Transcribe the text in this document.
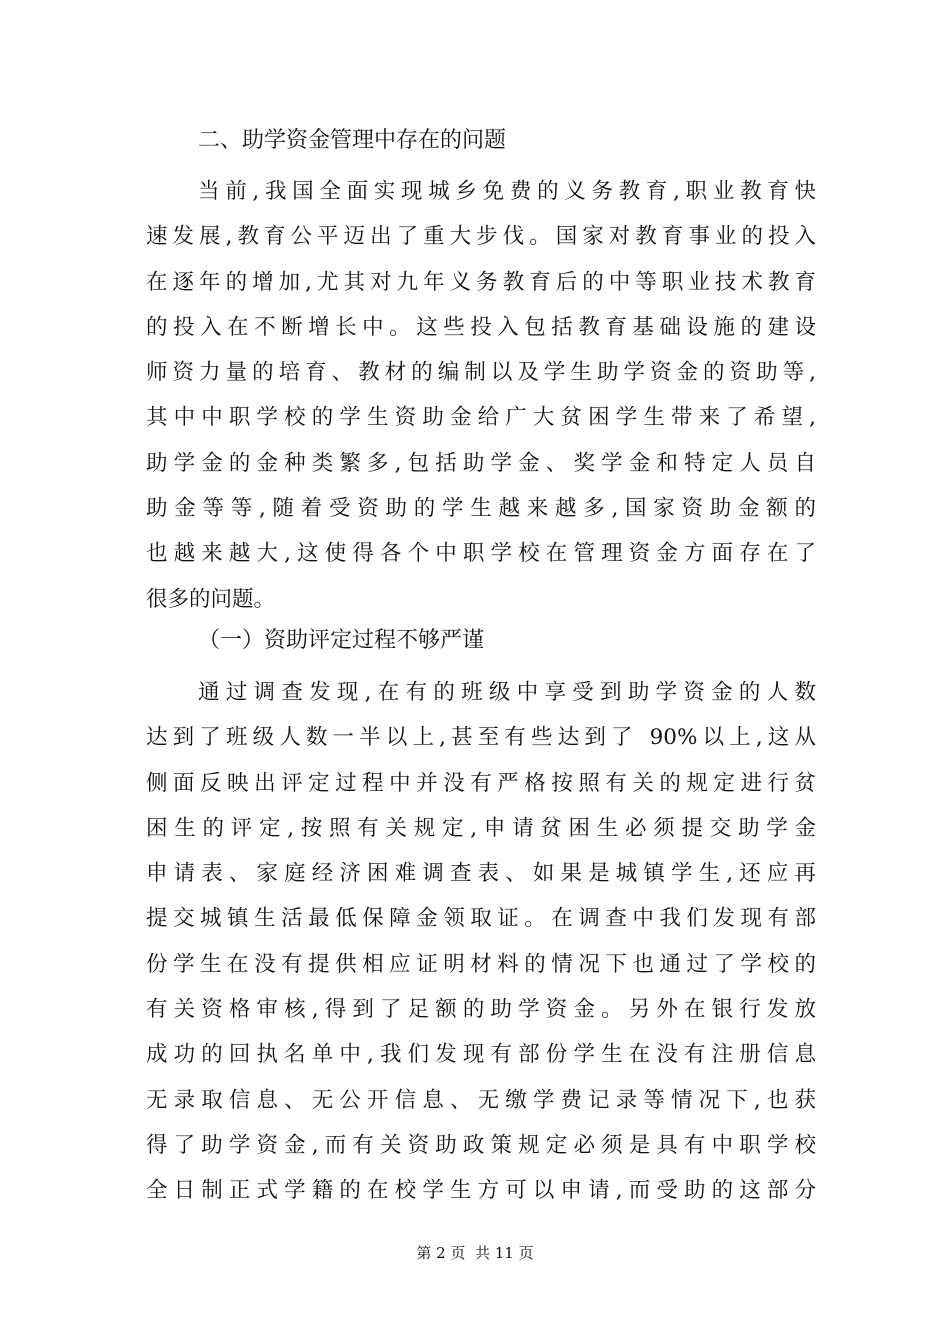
二、助学资金管理中存在的问题
当前,我国全面实现城乡免费的义务教育,职业教育快
速发展,教育公平迈出了重大步伐。国家对教育事业的投入
在逐年的增加,尤其对九年义务教育后的中等职业技术教育
的投入在不断增长中。这些投入包括教育基础设施的建设
师资力量的培育、教材的编制以及学生助学资金的资助等,
其中中职学校的学生资助金给广大贫困学生带来了希望,
助学金的金种类繁多,包括助学金、奖学金和特定人员自
助金等等,随着受资助的学生越来越多,国家资助金额的
也越来越大,这使得各个中职学校在管理资金方面存在了
很多的问题。
（一）资助评定过程不够严谨
通过调查发现,在有的班级中享受到助学资金的人数
达到了班级人数一半以上,甚至有些达到了 90%以上,这从
侧面反映出评定过程中并没有严格按照有关的规定进行贫
困生的评定,按照有关规定,申请贫困生必须提交助学金
申请表、家庭经济困难调查表、如果是城镇学生,还应再
提交城镇生活最低保障金领取证。在调查中我们发现有部
份学生在没有提供相应证明材料的情况下也通过了学校的
有关资格审核,得到了足额的助学资金。另外在银行发放
成功的回执名单中,我们发现有部份学生在没有注册信息
无录取信息、无公开信息、无缴学费记录等情况下,也获
得了助学资金,而有关资助政策规定必须是具有中职学校
全日制正式学籍的在校学生方可以申请,而受助的这部分
第 2 页  共 11 页
